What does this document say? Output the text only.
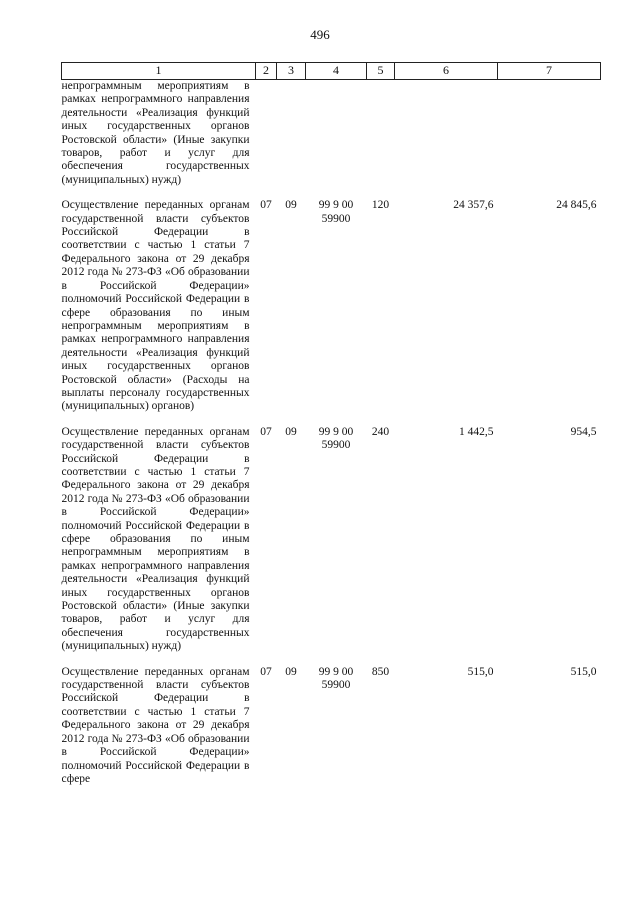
496
1	2	3	4	5	6	7
непрограммным мероприятиям в рамках непрограммного направления деятельности «Реализация функций иных государственных органов Ростовской области» (Иные закупки товаров, работ и услуг для обеспечения государственных (муниципальных) нужд)						
Осуществление переданных органам государственной власти субъектов Российской Федерации в соответствии с частью 1 статьи 7 Федерального закона от 29 декабря 2012 года № 273-ФЗ «Об образовании в Российской Федерации» полномочий Российской Федерации в сфере образования по иным непрограммным мероприятиям в рамках непрограммного направления деятельности «Реализация функций иных государственных органов Ростовской области» (Расходы на выплаты персоналу государственных (муниципальных) органов)	07	09	99 9 00 59900	120	24 357,6	24 845,6
Осуществление переданных органам государственной власти субъектов Российской Федерации в соответствии с частью 1 статьи 7 Федерального закона от 29 декабря 2012 года № 273-ФЗ «Об образовании в Российской Федерации» полномочий Российской Федерации в сфере образования по иным непрограммным мероприятиям в рамках непрограммного направления деятельности «Реализация функций иных государственных органов Ростовской области» (Иные закупки товаров, работ и услуг для обеспечения государственных (муниципальных) нужд)	07	09	99 9 00 59900	240	1 442,5	954,5
Осуществление переданных органам государственной власти субъектов Российской Федерации в соответствии с частью 1 статьи 7 Федерального закона от 29 декабря 2012 года № 273-ФЗ «Об образовании в Российской Федерации» полномочий Российской Федерации в сфере	07	09	99 9 00 59900	850	515,0	515,0
